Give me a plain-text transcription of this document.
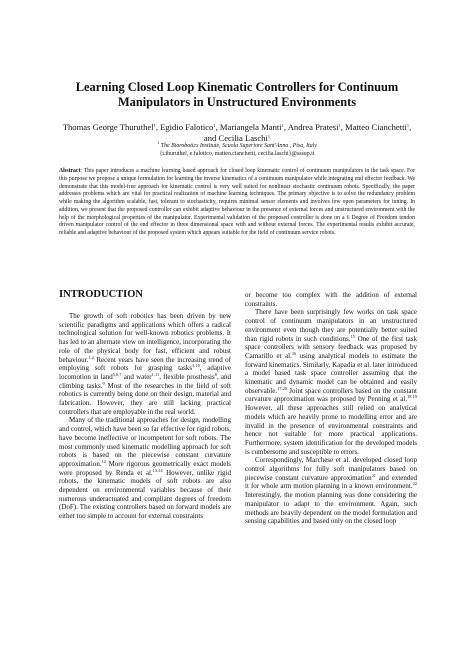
Learning Closed Loop Kinematic Controllers for Continuum Manipulators in Unstructured Environments
Thomas George Thuruthel$^1$, Egidio Falotico$^1$, Mariangela Manti$^1$, Andrea Pratesi$^1$, Matteo Cianchetti$^1$,
and Cecilia Laschi$^1$
$^1$ The Biorobotics Institute, Scuola Superiore Sant'Anna , Pisa, Italy
{t.thuruthel, e.falotico, matteo.cianchetti, cecilia.laschi}@sssup.it
Abstract: This paper introduces a machine learning based approach for closed loop kinematic control of continuum manipulators in the task space. For this purpose we propose a unique formulation for learning the inverse kinematics of a continuum manipulator while integrating end effector feedback. We demonstrate that this model-free approach for kinematic control is very well suited for nonlinear stochastic continuum robots. Specifically, the paper addresses problems which are vital for practical realization of machine learning techniques. The primary objective is to solve the redundancy problem while making the algorithm scalable, fast, tolerant to stochasticity, requires minimal sensor elements and involves few open parameters for tuning. In addition, we present that the proposed controller can exhibit adaptive behaviour in the presence of external forces and unstructured environment with the help of the morphological properties of the manipulator. Experimental validation of the proposed controller is done on a 6 Degree of Freedom tendon driven manipulator control of the end effector in three dimensional space with and without external forces. The experimental results exhibit accurate, reliable and adaptive behaviour of the proposed system which appears suitable for the field of continuum service robots.
INTRODUCTION

The growth of soft robotics has been driven by new scientific paradigms and applications which offers a radical technological solution for well-known robotics problems. It has led to an alternate view on intelligence, incorporating the role of the physical body for fast, efficient and robust behaviour.$^{1,2}$ Recent years have seen the increasing trend of employing soft robots for grasping tasks$^{3,10}$, adaptive locomotion in land$^{5,6,7}$ and water$^{1,11}$, flexible prosthesis$^8$, and climbing tasks.$^9$ Most of the researches in the field of soft robotics is currently being done on their design, material and fabrication. However, they are still lacking practical controllers that are employable in the real world.

Many of the traditional approaches for design, modelling and control, which have been so far effective for rigid robots, have become ineffective or incompetent for soft robots. The most commonly used kinematic modelling approach for soft robots is based on the piecewise constant curvature approximation.$^{12}$ More rigorous geometrically exact models were proposed by Renda et al.$^{13,14}$ However, unlike rigid robots, the kinematic models of soft robots are also dependent on environmental variables because of their numerous underactuated and compliant degrees of freedom (DoF). The existing controllers based on forward models are either too simple to account for external constraints

or become too complex with the addition of external constraints.

There have been surprisingly few works on task space control of continuum manipulators in an unstructured environment even though they are potentially better suited than rigid robots in such conditions.$^{15}$ One of the first task space controllers with sensory feedback was proposed by Camarillo et al.$^{16}$ using analytical models to estimate the forward kinematics. Similarly, Kapadia et al. later introduced a model based task space controller assuming that the kinematic and dynamic model can be obtained and easily observable.$^{17,20}$ Joint space controllers based on the constant curvature approximation was proposed by Penning et al.$^{18,19}$ However, all these approaches still relied on analytical models which are heavily prone to modelling error and are invalid in the presence of environmental constraints and hence not suitable for more practical applications. Furthermore, system identification for the developed models is cumbersome and susceptible to errors.

Correspondingly, Marchese et al. developed closed loop control algorithms for fully soft manipulators based on piecewise constant curvature approximation$^{21}$ and extended it for whole arm motion planning in a known environment.$^{22}$ Interestingly, the motion planning was done considering the manipulator to adapt to the environment. Again, such methods are heavily dependent on the model formulation and sensing capabilities and based only on the closed loop
